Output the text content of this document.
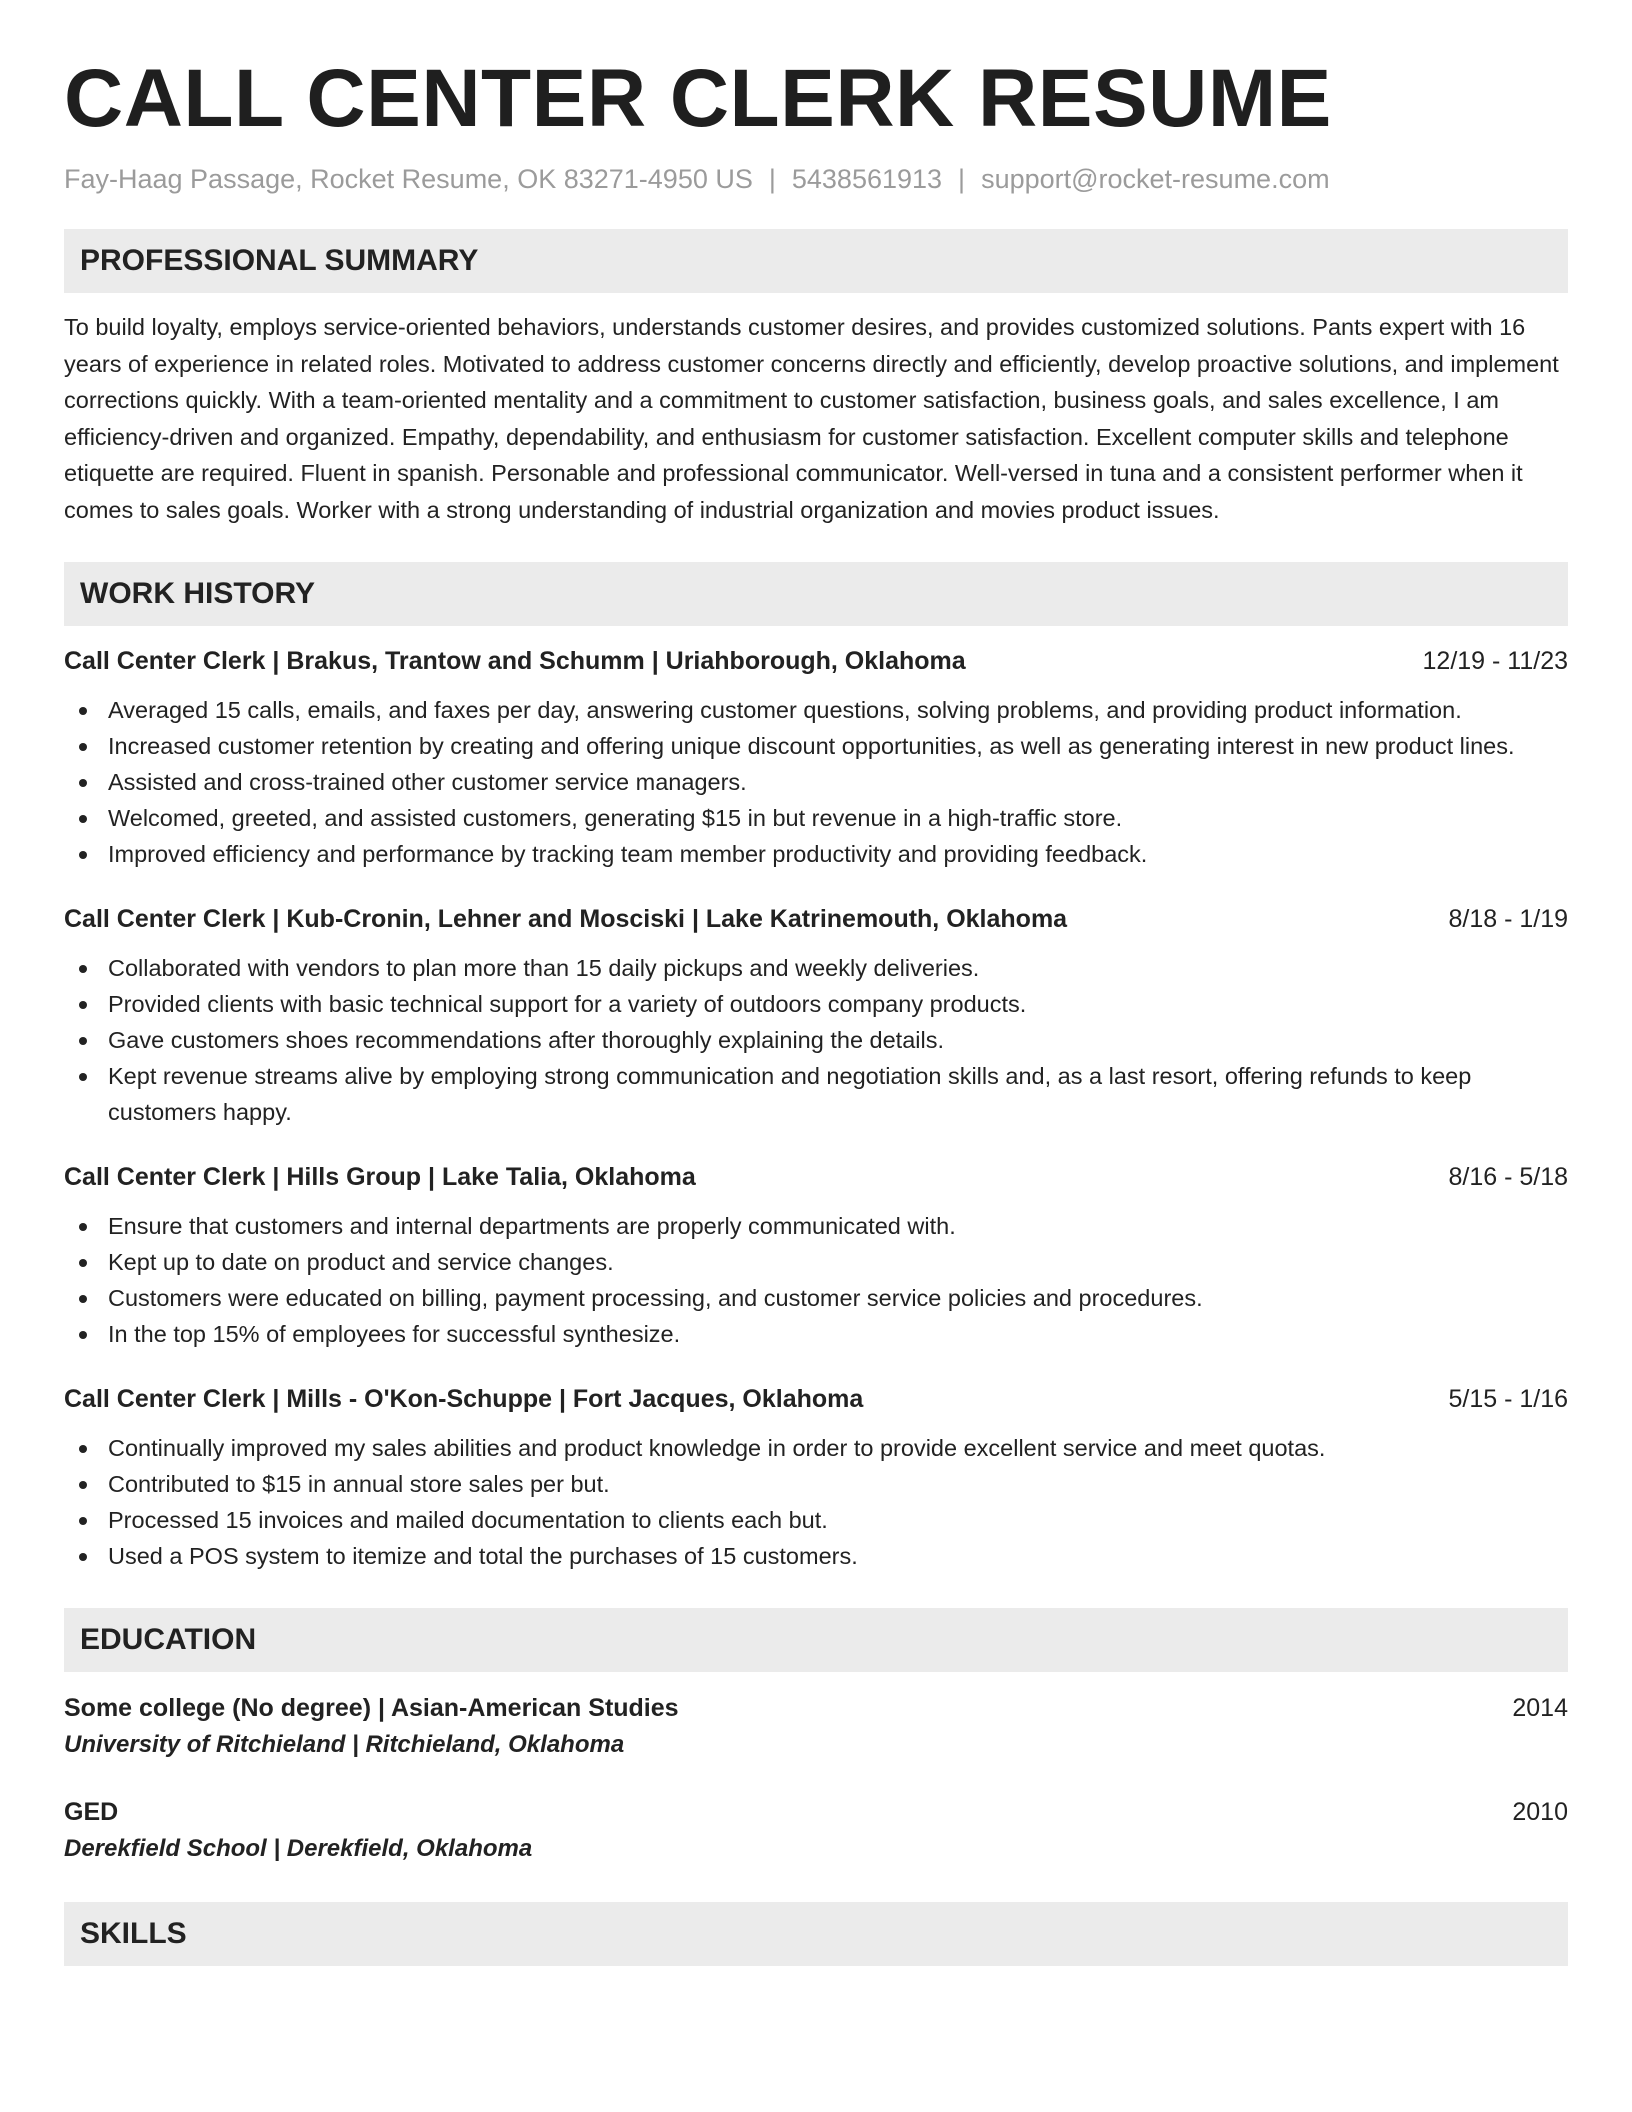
CALL CENTER CLERK RESUME
Fay-Haag Passage, Rocket Resume, OK 83271-4950 US | 5438561913 | support@rocket-resume.com
PROFESSIONAL SUMMARY
To build loyalty, employs service-oriented behaviors, understands customer desires, and provides customized solutions. Pants expert with 16 years of experience in related roles. Motivated to address customer concerns directly and efficiently, develop proactive solutions, and implement corrections quickly. With a team-oriented mentality and a commitment to customer satisfaction, business goals, and sales excellence, I am efficiency-driven and organized. Empathy, dependability, and enthusiasm for customer satisfaction. Excellent computer skills and telephone etiquette are required. Fluent in spanish. Personable and professional communicator. Well-versed in tuna and a consistent performer when it comes to sales goals. Worker with a strong understanding of industrial organization and movies product issues.
WORK HISTORY
Call Center Clerk | Brakus, Trantow and Schumm | Uriahborough, Oklahoma	12/19 - 11/23
Averaged 15 calls, emails, and faxes per day, answering customer questions, solving problems, and providing product information.
Increased customer retention by creating and offering unique discount opportunities, as well as generating interest in new product lines.
Assisted and cross-trained other customer service managers.
Welcomed, greeted, and assisted customers, generating $15 in but revenue in a high-traffic store.
Improved efficiency and performance by tracking team member productivity and providing feedback.
Call Center Clerk | Kub-Cronin, Lehner and Mosciski | Lake Katrinemouth, Oklahoma	8/18 - 1/19
Collaborated with vendors to plan more than 15 daily pickups and weekly deliveries.
Provided clients with basic technical support for a variety of outdoors company products.
Gave customers shoes recommendations after thoroughly explaining the details.
Kept revenue streams alive by employing strong communication and negotiation skills and, as a last resort, offering refunds to keep customers happy.
Call Center Clerk | Hills Group | Lake Talia, Oklahoma	8/16 - 5/18
Ensure that customers and internal departments are properly communicated with.
Kept up to date on product and service changes.
Customers were educated on billing, payment processing, and customer service policies and procedures.
In the top 15% of employees for successful synthesize.
Call Center Clerk | Mills - O'Kon-Schuppe | Fort Jacques, Oklahoma	5/15 - 1/16
Continually improved my sales abilities and product knowledge in order to provide excellent service and meet quotas.
Contributed to $15 in annual store sales per but.
Processed 15 invoices and mailed documentation to clients each but.
Used a POS system to itemize and total the purchases of 15 customers.
EDUCATION
Some college (No degree) | Asian-American Studies	2014
University of Ritchieland | Ritchieland, Oklahoma
GED	2010
Derekfield School | Derekfield, Oklahoma
SKILLS
